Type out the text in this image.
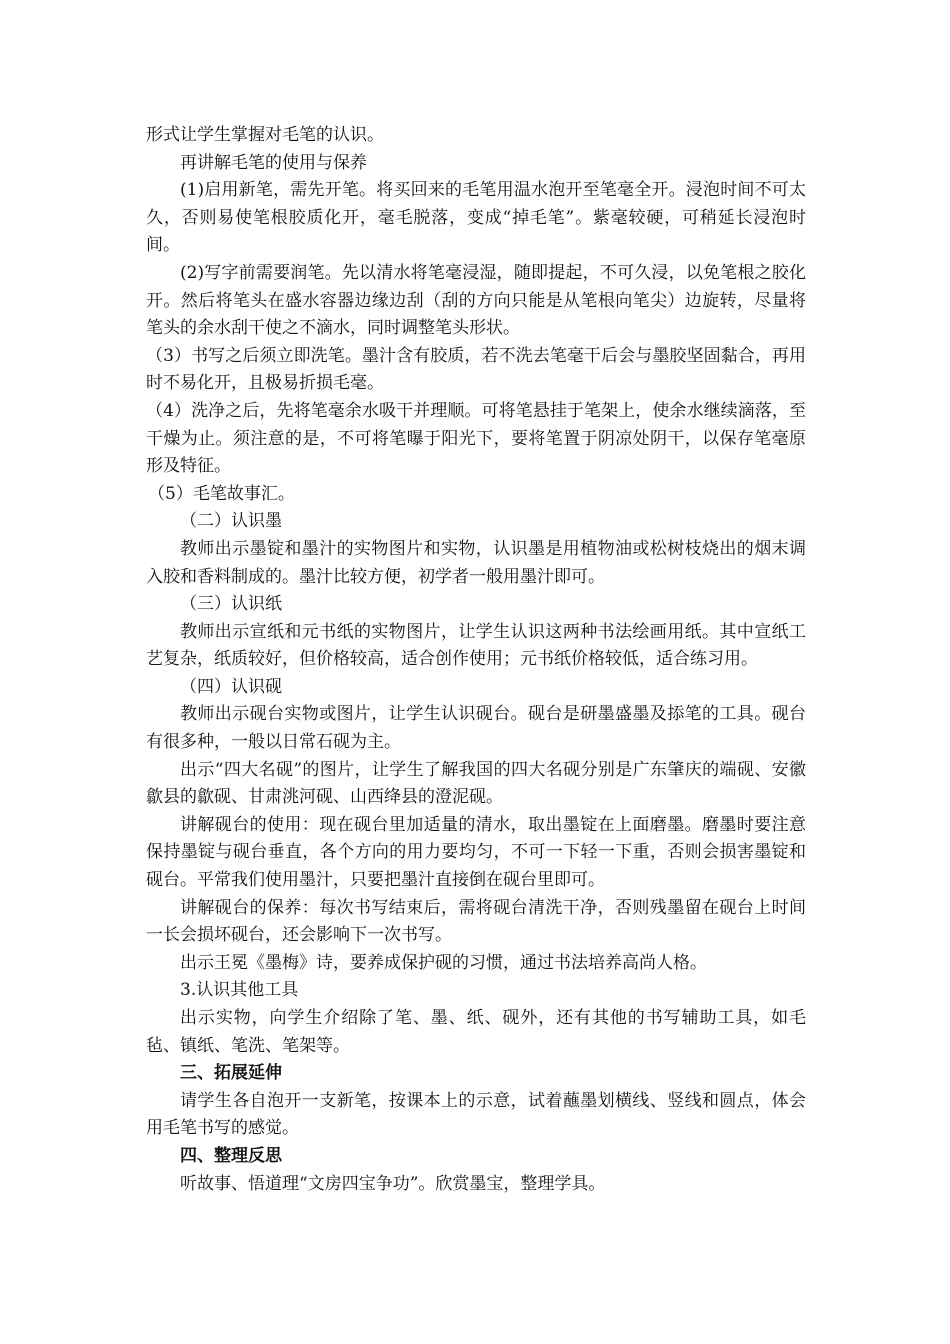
形式让学生掌握对毛笔的认识。

再讲解毛笔的使用与保养

(1)启用新笔，需先开笔。将买回来的毛笔用温水泡开至笔毫全开。浸泡时间不可太久，否则易使笔根胶质化开，毫毛脱落，变成“掉毛笔”。紫毫较硬，可稍延长浸泡时间。

(2)写字前需要润笔。先以清水将笔毫浸湿，随即提起，不可久浸，以免笔根之胶化开。然后将笔头在盛水容器边缘边刮（刮的方向只能是从笔根向笔尖）边旋转，尽量将笔头的余水刮干使之不滴水，同时调整笔头形状。

（3）书写之后须立即洗笔。墨汁含有胶质，若不洗去笔毫干后会与墨胶坚固黏合，再用时不易化开，且极易折损毛毫。

（4）洗净之后，先将笔毫余水吸干并理顺。可将笔悬挂于笔架上，使余水继续滴落，至干燥为止。须注意的是，不可将笔曝于阳光下，要将笔置于阴凉处阴干，以保存笔毫原形及特征。

（5）毛笔故事汇。

（二）认识墨

教师出示墨锭和墨汁的实物图片和实物，认识墨是用植物油或松树枝烧出的烟末调入胶和香料制成的。墨汁比较方便，初学者一般用墨汁即可。

（三）认识纸

教师出示宣纸和元书纸的实物图片，让学生认识这两种书法绘画用纸。其中宣纸工艺复杂，纸质较好，但价格较高，适合创作使用；元书纸价格较低，适合练习用。

（四）认识砚

教师出示砚台实物或图片，让学生认识砚台。砚台是研墨盛墨及掭笔的工具。砚台有很多种，一般以日常石砚为主。

出示“四大名砚”的图片，让学生了解我国的四大名砚分别是广东肇庆的端砚、安徽歙县的歙砚、甘肃洮河砚、山西绛县的澄泥砚。

讲解砚台的使用：现在砚台里加适量的清水，取出墨锭在上面磨墨。磨墨时要注意保持墨锭与砚台垂直，各个方向的用力要均匀，不可一下轻一下重，否则会损害墨锭和砚台。平常我们使用墨汁，只要把墨汁直接倒在砚台里即可。

讲解砚台的保养：每次书写结束后，需将砚台清洗干净，否则残墨留在砚台上时间一长会损坏砚台，还会影响下一次书写。

出示王冕《墨梅》诗，要养成保护砚的习惯，通过书法培养高尚人格。

3.认识其他工具

出示实物，向学生介绍除了笔、墨、纸、砚外，还有其他的书写辅助工具，如毛毡、镇纸、笔洗、笔架等。

三、拓展延伸

请学生各自泡开一支新笔，按课本上的示意，试着蘸墨划横线、竖线和圆点，体会用毛笔书写的感觉。

四、整理反思

听故事、悟道理“文房四宝争功”。欣赏墨宝，整理学具。
